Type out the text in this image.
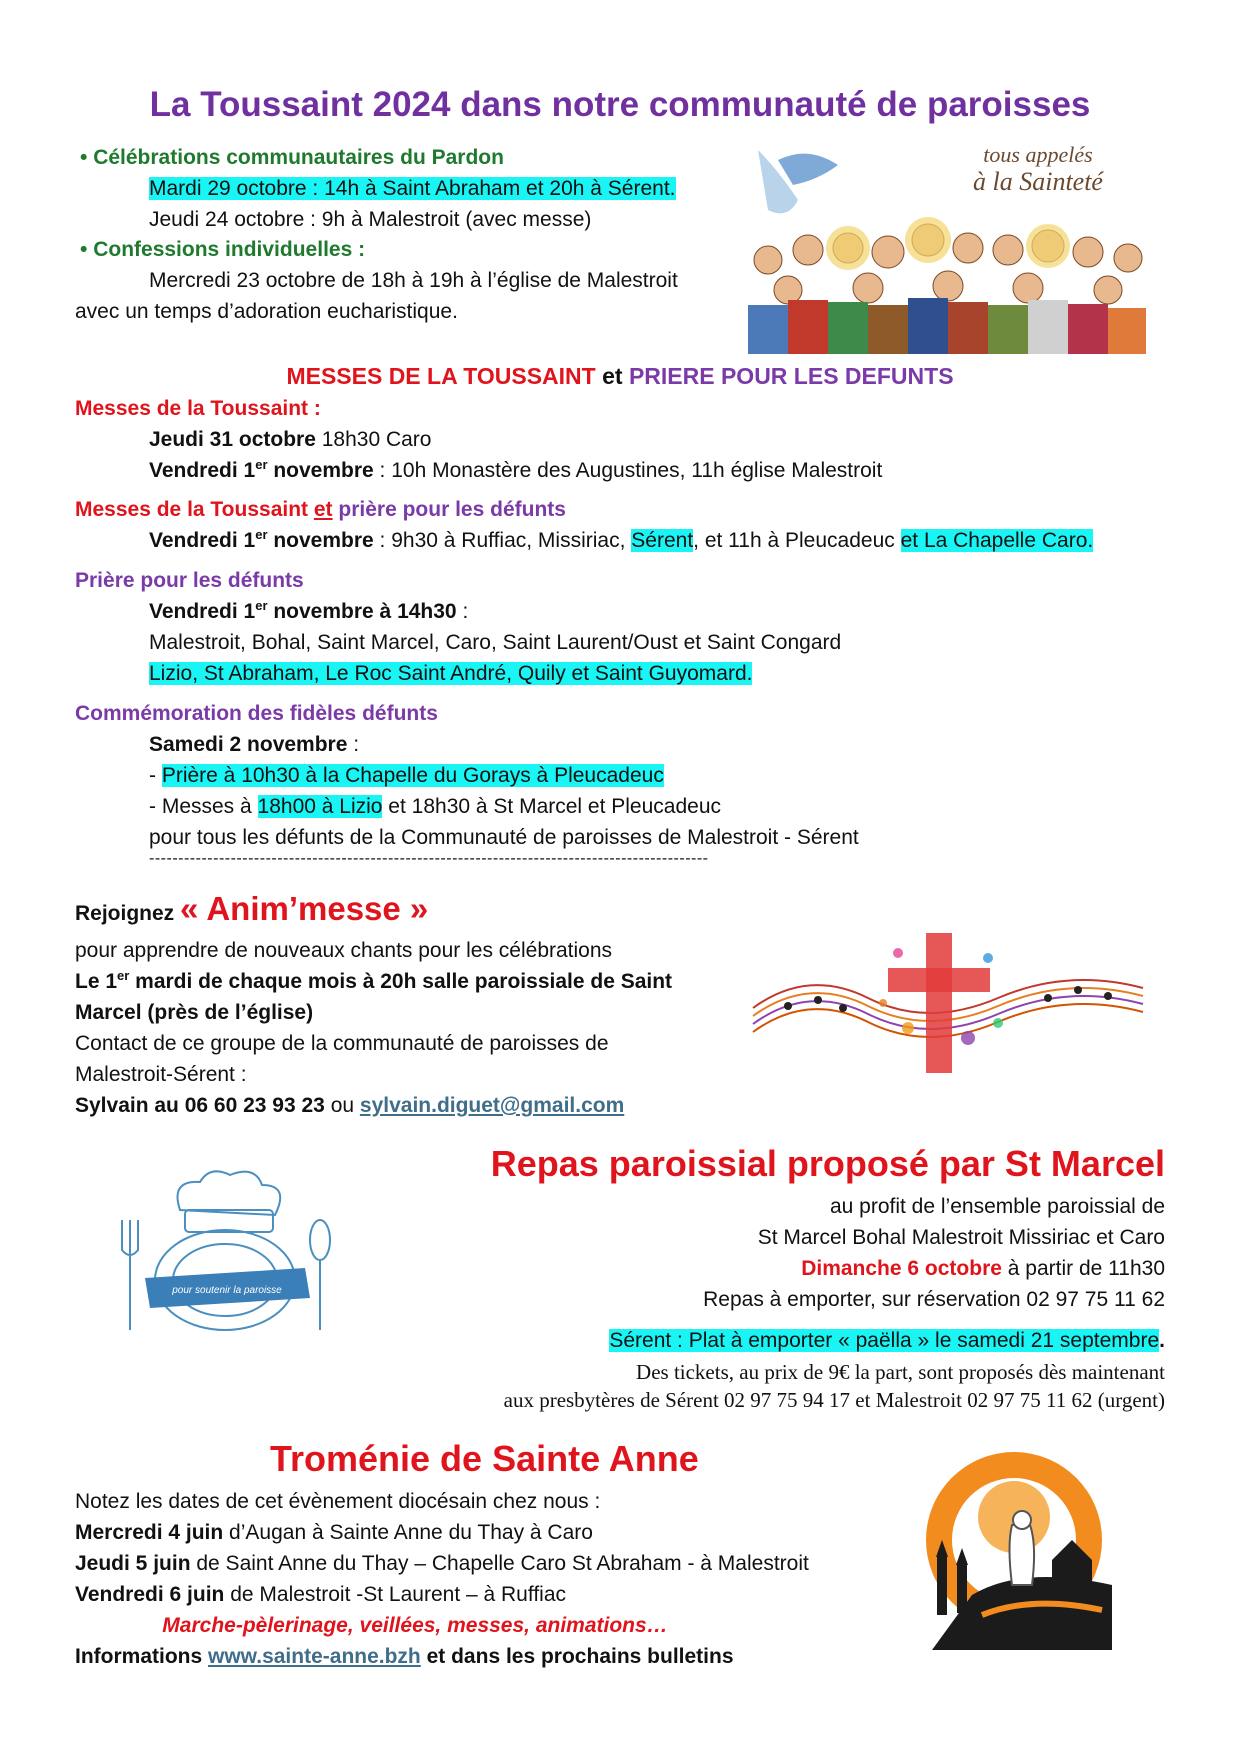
La Toussaint 2024 dans notre communauté de paroisses
• Célébrations communautaires du Pardon
Mardi 29 octobre : 14h à Saint Abraham et 20h à Sérent.
Jeudi 24 octobre : 9h à Malestroit (avec messe)
• Confessions individuelles :
Mercredi 23 octobre de 18h à 19h à l’église de Malestroit
avec un temps d’adoration eucharistique.
tous appelés
à la Sainteté
MESSES DE LA TOUSSAINT et PRIERE POUR LES DEFUNTS
Messes de la Toussaint :
Jeudi 31 octobre 18h30 Caro
Vendredi 1er novembre : 10h Monastère des Augustines, 11h église Malestroit
Messes de la Toussaint et prière pour les défunts
Vendredi 1er novembre : 9h30 à Ruffiac, Missiriac, Sérent, et 11h à Pleucadeuc et La Chapelle Caro.
Prière pour les défunts
Vendredi 1er novembre à 14h30 :
Malestroit, Bohal, Saint Marcel, Caro, Saint Laurent/Oust et Saint Congard
Lizio, St Abraham, Le Roc Saint André, Quily et Saint Guyomard.
Commémoration des fidèles défunts
Samedi 2 novembre :
- Prière à 10h30 à la Chapelle du Gorays à Pleucadeuc
- Messes à 18h00 à Lizio et 18h30 à St Marcel et Pleucadeuc
pour tous les défunts de la Communauté de paroisses de Malestroit - Sérent
------------------------------------------------------------------------------------------------
Rejoignez « Anim’messe »
pour apprendre de nouveaux chants pour les célébrations
Le 1er mardi de chaque mois à 20h salle paroissiale de Saint
Marcel (près de l’église)
Contact de ce groupe de la communauté de paroisses de
Malestroit-Sérent :
Sylvain au 06 60 23 93 23 ou sylvain.diguet@gmail.com
pour soutenir la paroisse
Repas paroissial proposé par St Marcel
au profit de l’ensemble paroissial de
St Marcel Bohal Malestroit Missiriac et Caro
Dimanche 6 octobre à partir de 11h30
Repas à emporter, sur réservation 02 97 75 11 62
Sérent : Plat à emporter « paëlla » le samedi 21 septembre.
Des tickets, au prix de 9€ la part, sont proposés dès maintenant
aux presbytères de Sérent 02 97 75 94 17 et Malestroit 02 97 75 11 62 (urgent)
Troménie de Sainte Anne
Notez les dates de cet évènement diocésain chez nous :
Mercredi 4 juin d’Augan à Sainte Anne du Thay à Caro
Jeudi 5 juin de Saint Anne du Thay – Chapelle Caro St Abraham - à Malestroit
Vendredi 6 juin de Malestroit -St Laurent – à Ruffiac
Marche-pèlerinage, veillées, messes, animations…
Informations www.sainte-anne.bzh et dans les prochains bulletins
